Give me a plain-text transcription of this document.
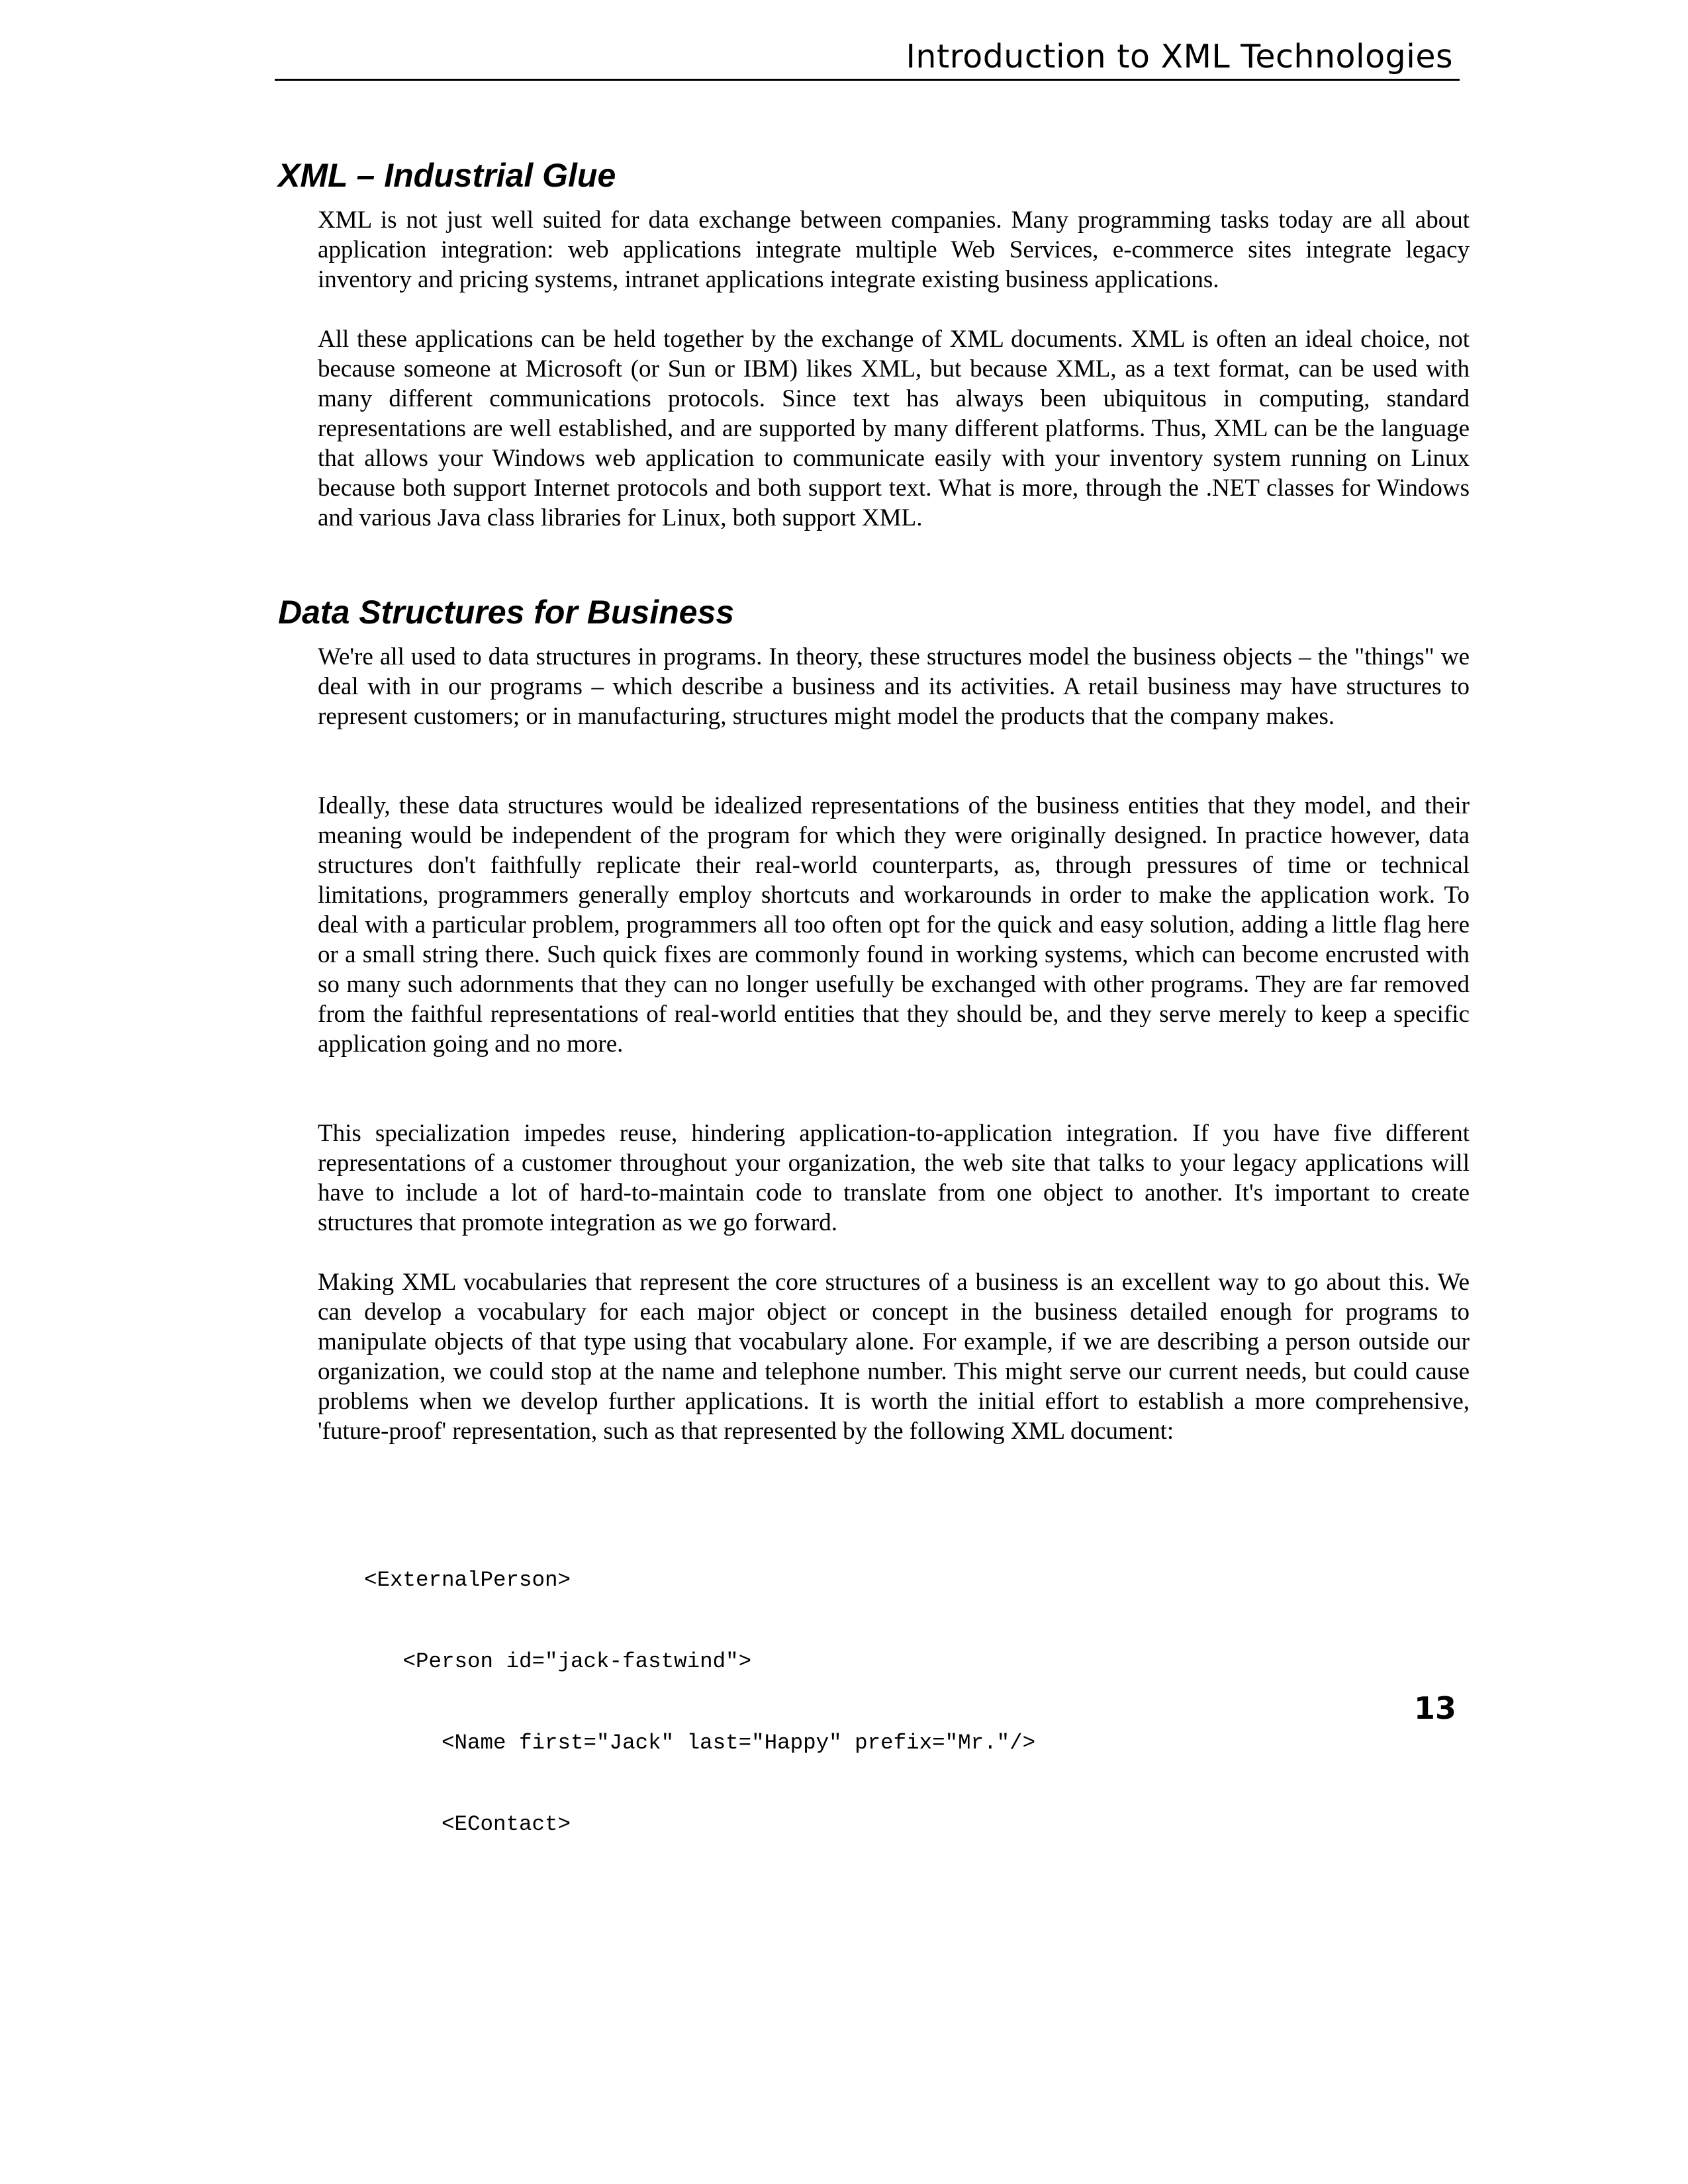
Introduction to XML Technologies
XML – Industrial Glue

XML is not just well suited for data exchange between companies. Many programming tasks today are all about application integration: web applications integrate multiple Web Services, e-commerce sites integrate legacy inventory and pricing systems, intranet applications integrate existing business applications.

All these applications can be held together by the exchange of XML documents. XML is often an ideal choice, not because someone at Microsoft (or Sun or IBM) likes XML, but because XML, as a text format, can be used with many different communications protocols. Since text has always been ubiquitous in computing, standard representations are well established, and are supported by many different platforms. Thus, XML can be the language that allows your Windows web application to communicate easily with your inventory system running on Linux because both support Internet protocols and both support text. What is more, through the .NET classes for Windows and various Java class libraries for Linux, both support XML.

Data Structures for Business

We're all used to data structures in programs. In theory, these structures model the business objects – the "things" we deal with in our programs – which describe a business and its activities. A retail business may have structures to represent customers; or in manufacturing, structures might model the products that the company makes.

Ideally, these data structures would be idealized representations of the business entities that they model, and their meaning would be independent of the program for which they were originally designed. In practice however, data structures don't faithfully replicate their real-world counterparts, as, through pressures of time or technical limitations, programmers generally employ shortcuts and workarounds in order to make the application work. To deal with a particular problem, programmers all too often opt for the quick and easy solution, adding a little flag here or a small string there. Such quick fixes are commonly found in working systems, which can become encrusted with so many such adornments that they can no longer usefully be exchanged with other programs. They are far removed from the faithful representations of real-world entities that they should be, and they serve merely to keep a specific application going and no more.

This specialization impedes reuse, hindering application-to-application integration. If you have five different representations of a customer throughout your organization, the web site that talks to your legacy applications will have to include a lot of hard-to-maintain code to translate from one object to another. It's important to create structures that promote integration as we go forward.

Making XML vocabularies that represent the core structures of a business is an excellent way to go about this. We can develop a vocabulary for each major object or concept in the business detailed enough for programs to manipulate objects of that type using that vocabulary alone. For example, if we are describing a person outside our organization, we could stop at the name and telephone number. This might serve our current needs, but could cause problems when we develop further applications. It is worth the initial effort to establish a more comprehensive, 'future-proof' representation, such as that represented by the following XML document:

<ExternalPerson>

<Person id="jack-fastwind">

<Name first="Jack" last="Happy" prefix="Mr."/>

<EContact>

13
